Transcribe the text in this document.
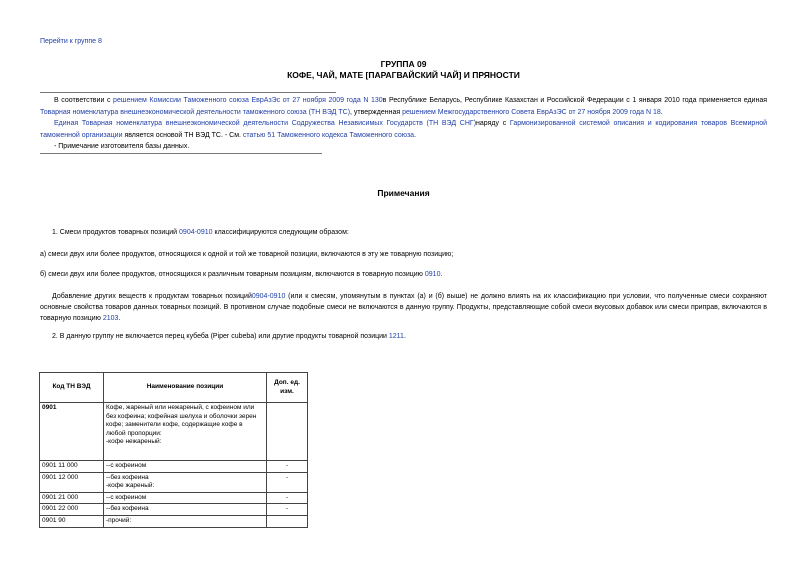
Перейти к группе 8
ГРУППА 09
КОФЕ, ЧАЙ, МАТЕ [ПАРАГВАЙСКИЙ ЧАЙ] И ПРЯНОСТИ

В соответствии с решением Комиссии Таможенного союза ЕврАзЭс от 27 ноября 2009 года N 130в Республике Беларусь, Республике Казахстан и Российской Федерации с 1 января 2010 года применяется единая Товарная номенклатура внешнеэкономической деятельности таможенного союза (ТН ВЭД ТС), утвержденная решением Межгосударственного Совета ЕврАзЭС от 27 ноября 2009 года N 18.

Единая Товарная номенклатура внешнеэкономической деятельности Содружества Независимых Государств (ТН ВЭД СНГ)наряду с Гармонизированной системой описания и кодирования товаров Всемирной таможенной организации является основой ТН ВЭД ТС. - См. статью 51 Таможенного кодекса Таможенного союза.

- Примечание изготовителя базы данных.

Примечания
1. Смеси продуктов товарных позиций 0904-0910 классифицируются следующим образом:
а) смеси двух или более продуктов, относящихся к одной и той же товарной позиции, включаются в эту же товарную позицию;
б) смеси двух или более продуктов, относящихся к различным товарным позициям, включаются в товарную позицию 0910.
Добавление других веществ к продуктам товарных позиций0904-0910 (или к смесям, упомянутым в пунктах (а) и (б) выше) не должно влиять на их классификацию при условии, что полученные смеси сохраняют основные свойства товаров данных товарных позиций. В противном случае подобные смеси не включаются в данную группу. Продукты, представляющие собой смеси вкусовых добавок или смеси приправ, включаются в товарную позицию 2103.
2. В данную группу не включается перец кубеба (Piper cubeba) или другие продукты товарной позиции 1211.
Код ТН ВЭД	Наименование позиции	Доп. ед. изм.
0901	Кофе, жареный или нежареный, с кофеином или без кофеина; кофейная шелуха и оболочки зерен кофе; заменители кофе, содержащие кофе в любой пропорции:
-кофе нежареный:	
0901 11 000	--с кофеином	-
0901 12 000	--без кофеина
-кофе жареный:	-
0901 21 000	--с кофеином	-
0901 22 000	--без кофеина	-
0901 90	-прочий:	
